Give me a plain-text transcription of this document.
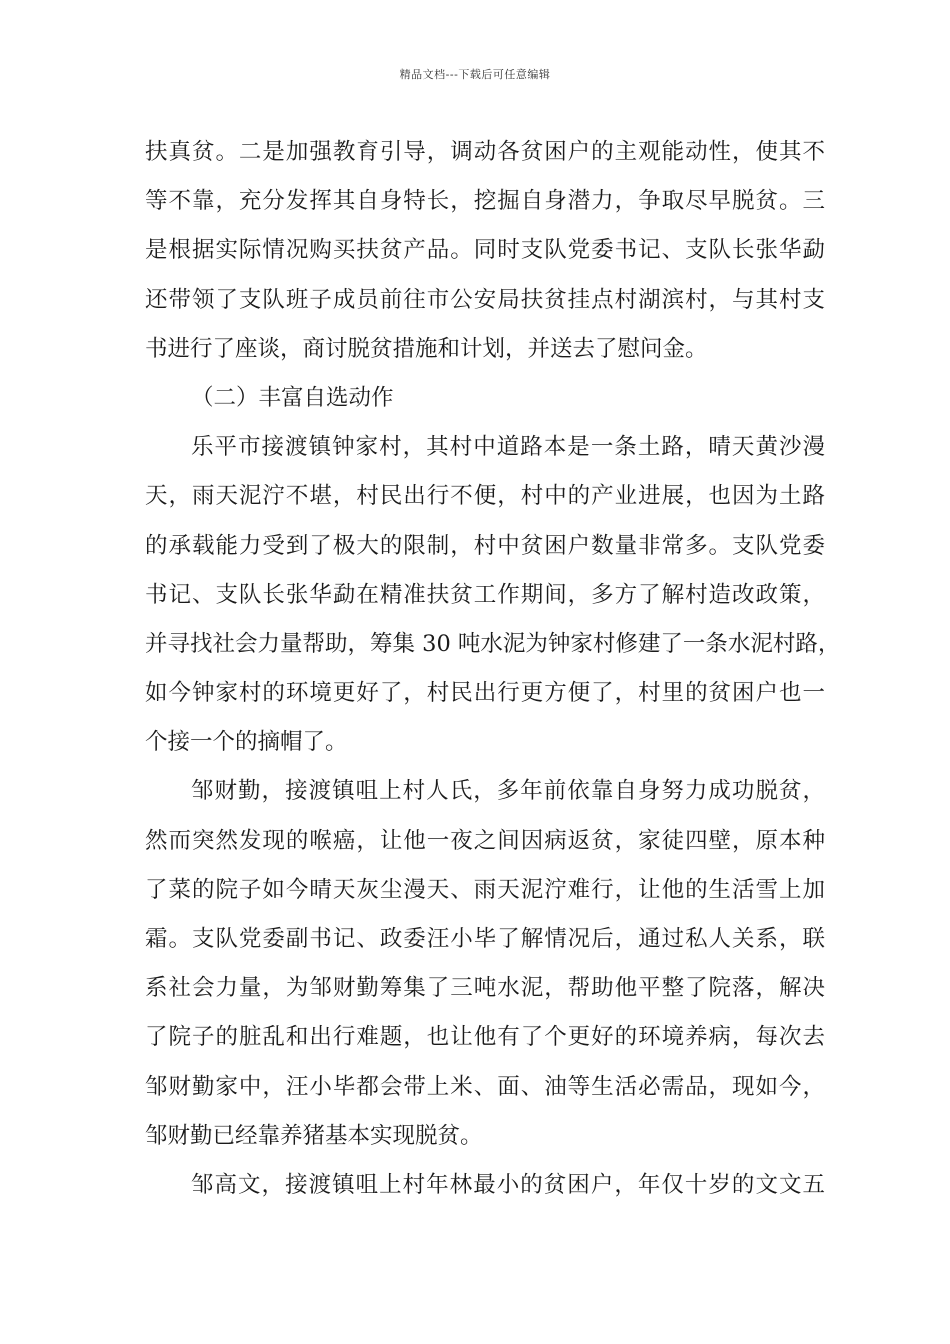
精品文档---下载后可任意编辑
扶真贫。二是加强教育引导，调动各贫困户的主观能动性，使其不
等不靠，充分发挥其自身特长，挖掘自身潜力，争取尽早脱贫。三
是根据实际情况购买扶贫产品。同时支队党委书记、支队长张华勐
还带领了支队班子成员前往市公安局扶贫挂点村湖滨村，与其村支
书进行了座谈，商讨脱贫措施和计划，并送去了慰问金。
（二）丰富自选动作
乐平市接渡镇钟家村，其村中道路本是一条土路，晴天黄沙漫
天，雨天泥泞不堪，村民出行不便，村中的产业进展，也因为土路
的承载能力受到了极大的限制，村中贫困户数量非常多。支队党委
书记、支队长张华勐在精准扶贫工作期间，多方了解村造改政策，
并寻找社会力量帮助，筹集 30 吨水泥为钟家村修建了一条水泥村路，
如今钟家村的环境更好了，村民出行更方便了，村里的贫困户也一
个接一个的摘帽了。
邹财勤，接渡镇咀上村人氏，多年前依靠自身努力成功脱贫，
然而突然发现的喉癌，让他一夜之间因病返贫，家徒四壁，原本种
了菜的院子如今晴天灰尘漫天、雨天泥泞难行，让他的生活雪上加
霜。支队党委副书记、政委汪小毕了解情况后，通过私人关系，联
系社会力量，为邹财勤筹集了三吨水泥，帮助他平整了院落，解决
了院子的脏乱和出行难题，也让他有了个更好的环境养病，每次去
邹财勤家中，汪小毕都会带上米、面、油等生活必需品，现如今，
邹财勤已经靠养猪基本实现脱贫。
邹高文，接渡镇咀上村年林最小的贫困户，年仅十岁的文文五
